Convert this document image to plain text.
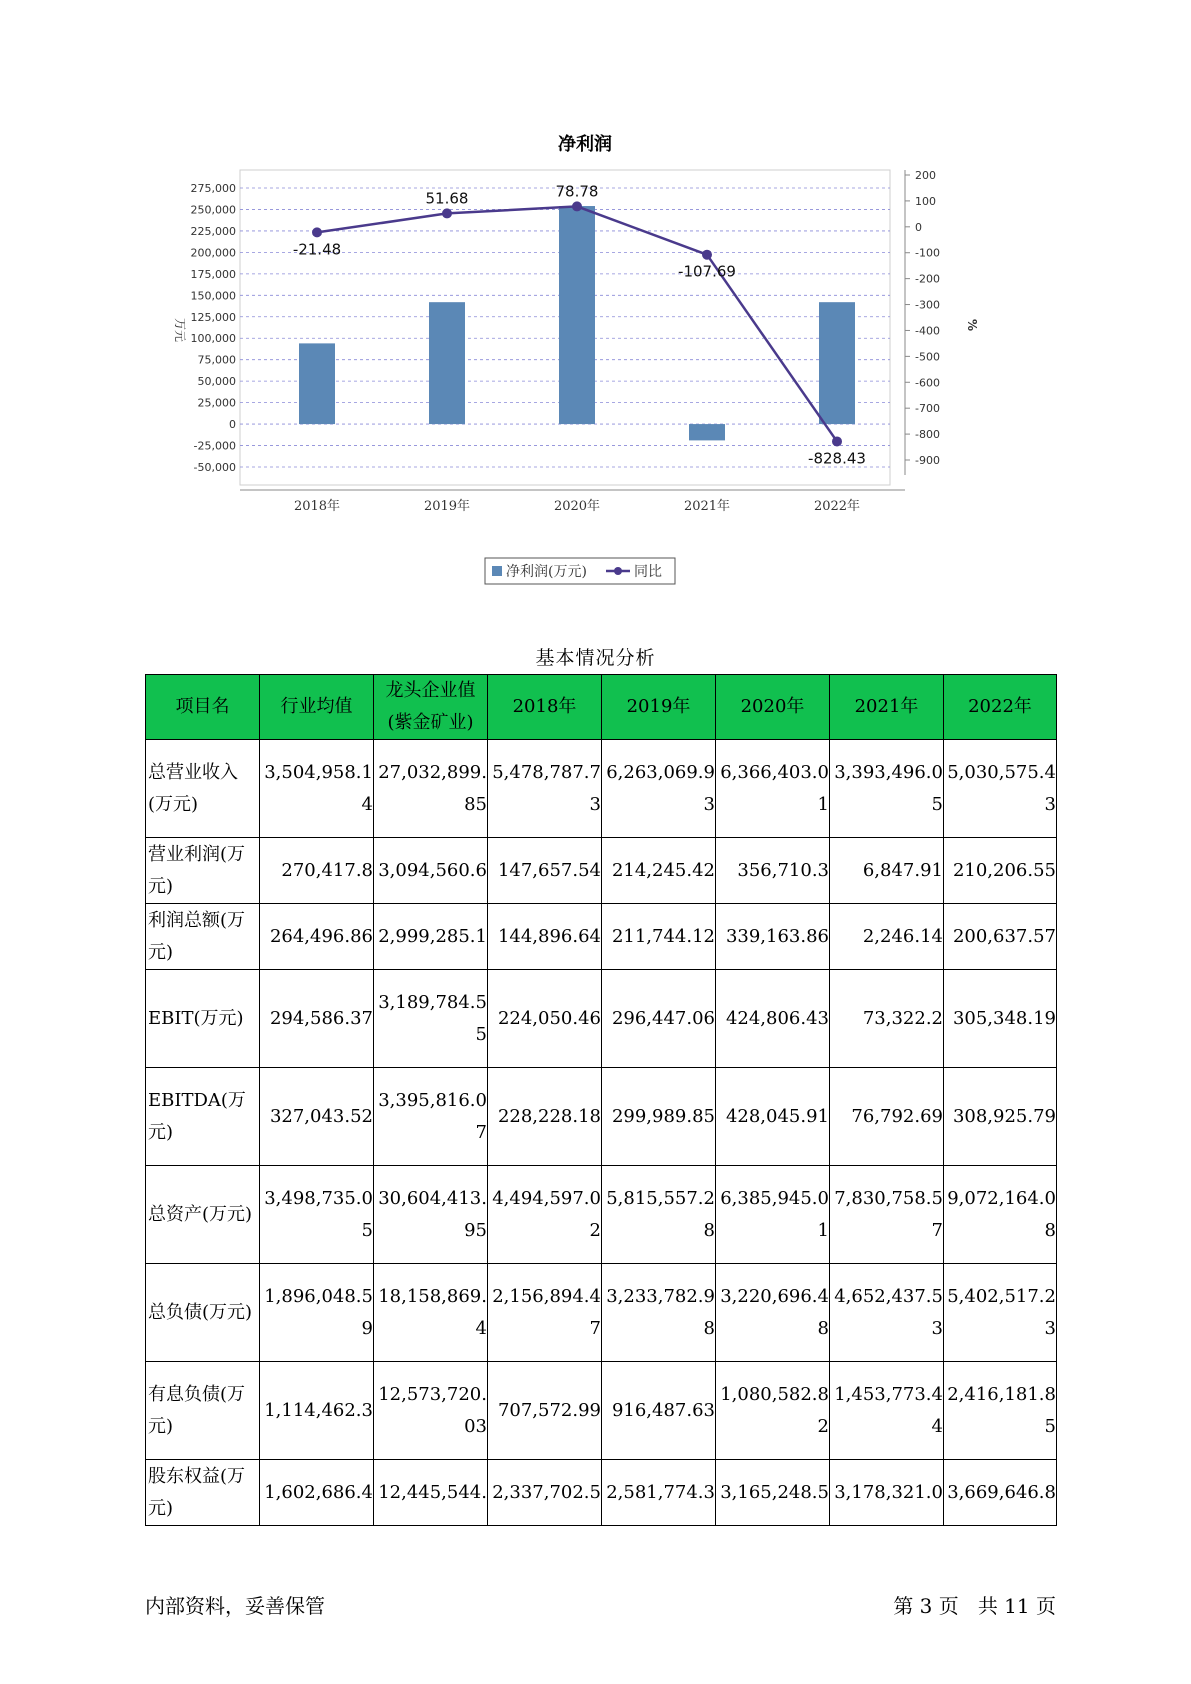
净利润
275,000
250,000
225,000
200,000
175,000
150,000
125,000
100,000
75,000
50,000
25,000
0
-25,000
-50,000
200
100
0
-100
-200
-300
-400
-500
-600
-700
-800
-900
万元	%
2018年	2019年	2020年	2021年	2022年
-21.48
51.68	78.78
-107.69
-828.43
净利润(万元)	同比
基本情况分析
项目名	行业均值	龙头企业值(紫金矿业)	2018年	2019年	2020年	2021年	2022年
总营业收入(万元)	3,504,958.14	27,032,899.85	5,478,787.73	6,263,069.93	6,366,403.01	3,393,496.05	5,030,575.43
营业利润(万元)	270,417.8	3,094,560.6	147,657.54	214,245.42	356,710.3	6,847.91	210,206.55
利润总额(万元)	264,496.86	2,999,285.1	144,896.64	211,744.12	339,163.86	2,246.14	200,637.57
EBIT(万元)	294,586.37	3,189,784.55	224,050.46	296,447.06	424,806.43	73,322.2	305,348.19
EBITDA(万元)	327,043.52	3,395,816.07	228,228.18	299,989.85	428,045.91	76,792.69	308,925.79
总资产(万元)	3,498,735.05	30,604,413.95	4,494,597.02	5,815,557.28	6,385,945.01	7,830,758.57	9,072,164.08
总负债(万元)	1,896,048.59	18,158,869.4	2,156,894.47	3,233,782.98	3,220,696.48	4,652,437.53	5,402,517.23
有息负债(万元)	1,114,462.3	12,573,720.03	707,572.99	916,487.63	1,080,582.82	1,453,773.44	2,416,181.85
股东权益(万元)	1,602,686.4	12,445,544.	2,337,702.5	2,581,774.3	3,165,248.5	3,178,321.0	3,669,646.8
内部资料，妥善保管	第 3 页   共 11 页
